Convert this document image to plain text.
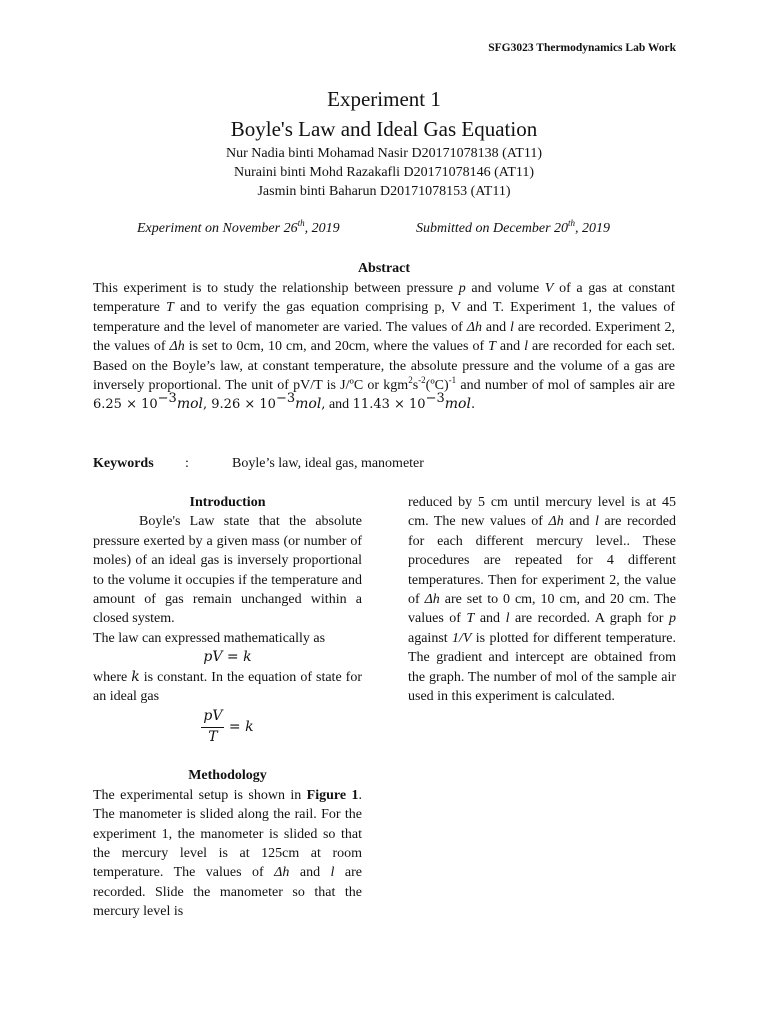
SFG3023 Thermodynamics Lab Work
Experiment 1
Boyle's Law and Ideal Gas Equation
Nur Nadia binti Mohamad Nasir D20171078138 (AT11)
Nuraini binti Mohd Razakafli D20171078146 (AT11)
Jasmin binti Baharun D20171078153 (AT11)
Experiment on November 26th, 2019	Submitted on December 20th, 2019
Abstract
This experiment is to study the relationship between pressure p and volume V of a gas at constant temperature T and to verify the gas equation comprising p, V and T. Experiment 1, the values of temperature and the level of manometer are varied. The values of Δh and l are recorded. Experiment 2, the values of Δh is set to 0cm, 10 cm, and 20cm, where the values of T and l are recorded for each set. Based on the Boyle’s law, at constant temperature, the absolute pressure and the volume of a gas are inversely proportional. The unit of pV/T is J/ºC or $kgm^2s^{-2}(ºC)^{-1}$ and number of mol of samples air are $6.25 \times 10^{-3}mol$, $9.26 \times 10^{-3}mol$, and $11.43 \times 10^{-3}mol$.
Keywords :	Boyle’s law, ideal gas, manometer

Introduction

Boyle's Law state that the absolute pressure exerted by a given mass (or number of moles) of an ideal gas is inversely proportional to the volume it occupies if the temperature and amount of gas remain unchanged within a closed system.

The law can expressed mathematically as

pV = k

where k is constant. In the equation of state for an ideal gas

$\frac{pV}{T} = k$

Methodology

The experimental setup is shown in Figure 1. The manometer is slided along the rail. For the experiment 1, the manometer is slided so that the mercury level is at 125cm at room temperature. The values of Δh and l are recorded. Slide the manometer so that the mercury level is

reduced by 5 cm until mercury level is at 45 cm. The new values of Δh and l are recorded for each different mercury level.. These procedures are repeated for 4 different temperatures. Then for experiment 2, the value of Δh are set to 0 cm, 10 cm, and 20 cm. The values of T and l are recorded. A graph for p against 1/V is plotted for different temperature. The gradient and intercept are obtained from the graph. The number of mol of the sample air used in this experiment is calculated.
